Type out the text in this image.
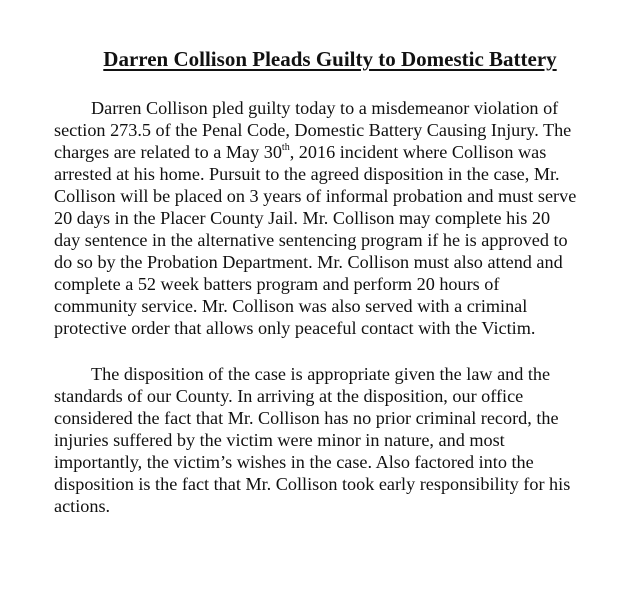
Darren Collison Pleads Guilty to Domestic Battery

Darren Collison pled guilty today to a misdemeanor violation of

section 273.5 of the Penal Code, Domestic Battery Causing Injury. The

charges are related to a May 30th, 2016 incident where Collison was

arrested at his home. Pursuit to the agreed disposition in the case, Mr.

Collison will be placed on 3 years of informal probation and must serve

20 days in the Placer County Jail. Mr. Collison may complete his 20

day sentence in the alternative sentencing program if he is approved to

do so by the Probation Department. Mr. Collison must also attend and

complete a 52 week batters program and perform 20 hours of

community service. Mr. Collison was also served with a criminal

protective order that allows only peaceful contact with the Victim.

The disposition of the case is appropriate given the law and the

standards of our County. In arriving at the disposition, our office

considered the fact that Mr. Collison has no prior criminal record, the

injuries suffered by the victim were minor in nature, and most

importantly, the victim’s wishes in the case. Also factored into the

disposition is the fact that Mr. Collison took early responsibility for his

actions.
